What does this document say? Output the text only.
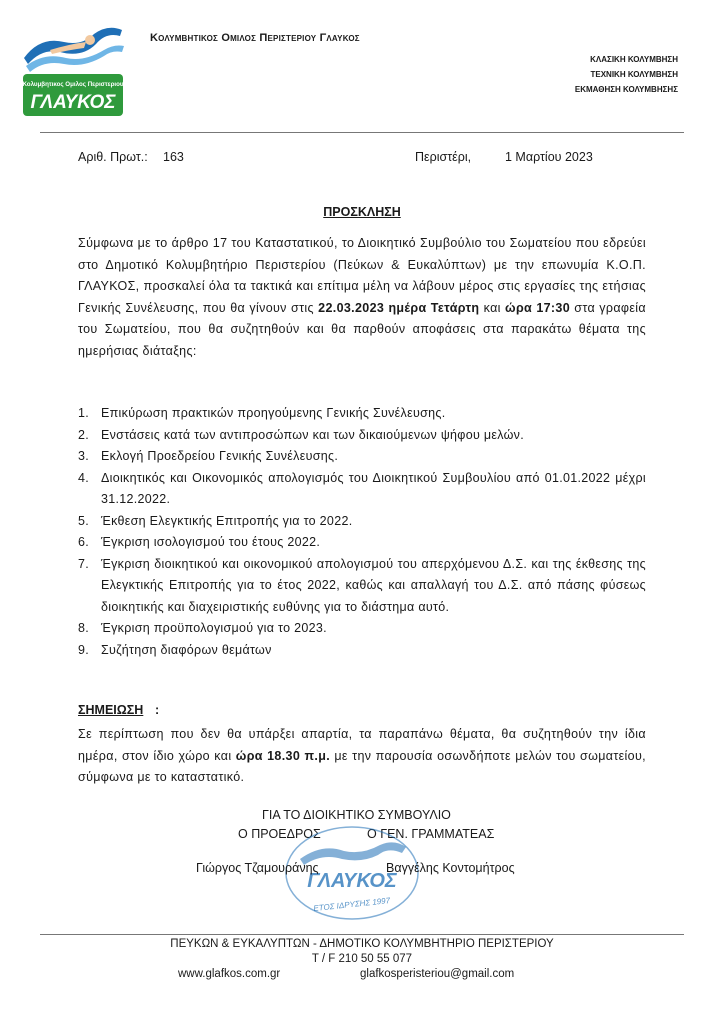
Κολυμβητικος Ομιλος Περιστεριου
ΓΛΑΥΚΟΣ
Κολυμβητικος Ομιλος Περιστεριου Γλαυκος
ΚΛΑΣΙΚΗ ΚΟΛΥΜΒΗΣΗ
ΤΕΧΝΙΚΗ ΚΟΛΥΜΒΗΣΗ
ΕΚΜΑΘΗΣΗ ΚΟΛΥΜΒΗΣΗΣ
Αριθ. Πρωτ.: 163	Περιστέρι,	1 Μαρτίου 2023
ΠΡΟΣΚΛΗΣΗ
Σύμφωνα με το άρθρο 17 του Καταστατικού, το Διοικητικό Συμβούλιο του Σωματείου που εδρεύει στο Δημοτικό Κολυμβητήριο Περιστερίου (Πεύκων & Ευκαλύπτων) με την επωνυμία Κ.Ο.Π. ΓΛΑΥΚΟΣ, προσκαλεί όλα τα τακτικά και επίτιμα μέλη να λάβουν μέρος στις εργασίες της ετήσιας Γενικής Συνέλευσης, που θα γίνουν στις 22.03.2023 ημέρα Τετάρτη και ώρα 17:30 στα γραφεία του Σωματείου, που θα συζητηθούν και θα παρθούν αποφάσεις στα παρακάτω θέματα της ημερήσιας διάταξης:
1. Επικύρωση πρακτικών προηγούμενης Γενικής Συνέλευσης.
2. Ενστάσεις κατά των αντιπροσώπων και των δικαιούμενων ψήφου μελών.
3. Εκλογή Προεδρείου Γενικής Συνέλευσης.
4. Διοικητικός και Οικονομικός απολογισμός του Διοικητικού Συμβουλίου από 01.01.2022 μέχρι 31.12.2022.
5. Έκθεση Ελεγκτικής Επιτροπής για το 2022.
6. Έγκριση ισολογισμού του έτους 2022.
7. Έγκριση διοικητικού και οικονομικού απολογισμού του απερχόμενου Δ.Σ. και της έκθεσης της Ελεγκτικής Επιτροπής για το έτος 2022, καθώς και απαλλαγή του Δ.Σ. από πάσης φύσεως διοικητικής και διαχειριστικής ευθύνης για το διάστημα αυτό.
8. Έγκριση προϋπολογισμού για το 2023.
9. Συζήτηση διαφόρων θεμάτων
ΣΗΜΕΙΩΣΗ :
Σε περίπτωση που δεν θα υπάρξει απαρτία, τα παραπάνω θέματα, θα συζητηθούν την ίδια ημέρα, στον ίδιο χώρο και ώρα 18.30 π.μ. με την παρουσία οσωνδήποτε μελών του σωματείου, σύμφωνα με το καταστατικό.
ΓΙΑ ΤΟ ΔΙΟΙΚΗΤΙΚΟ ΣΥΜΒΟΥΛΙΟ
Ο ΠΡΟΕΔΡΟΣ	Ο ΓΕΝ. ΓΡΑΜΜΑΤΕΑΣ
ΓΛΑΥΚΟΣ
ΕΤΟΣ ΙΔΡΥΣΗΣ 1997
Γιώργος Τζαμουράνης	Βαγγέλης Κοντομήτρος
ΠΕΥΚΩΝ & ΕΥΚΑΛΥΠΤΩΝ - ΔΗΜΟΤΙΚΟ ΚΟΛΥΜΒΗΤΗΡΙΟ ΠΕΡΙΣΤΕΡΙΟΥ
T / F 210 50 55 077
www.glafkos.com.gr	glafkosperisteriou@gmail.com
